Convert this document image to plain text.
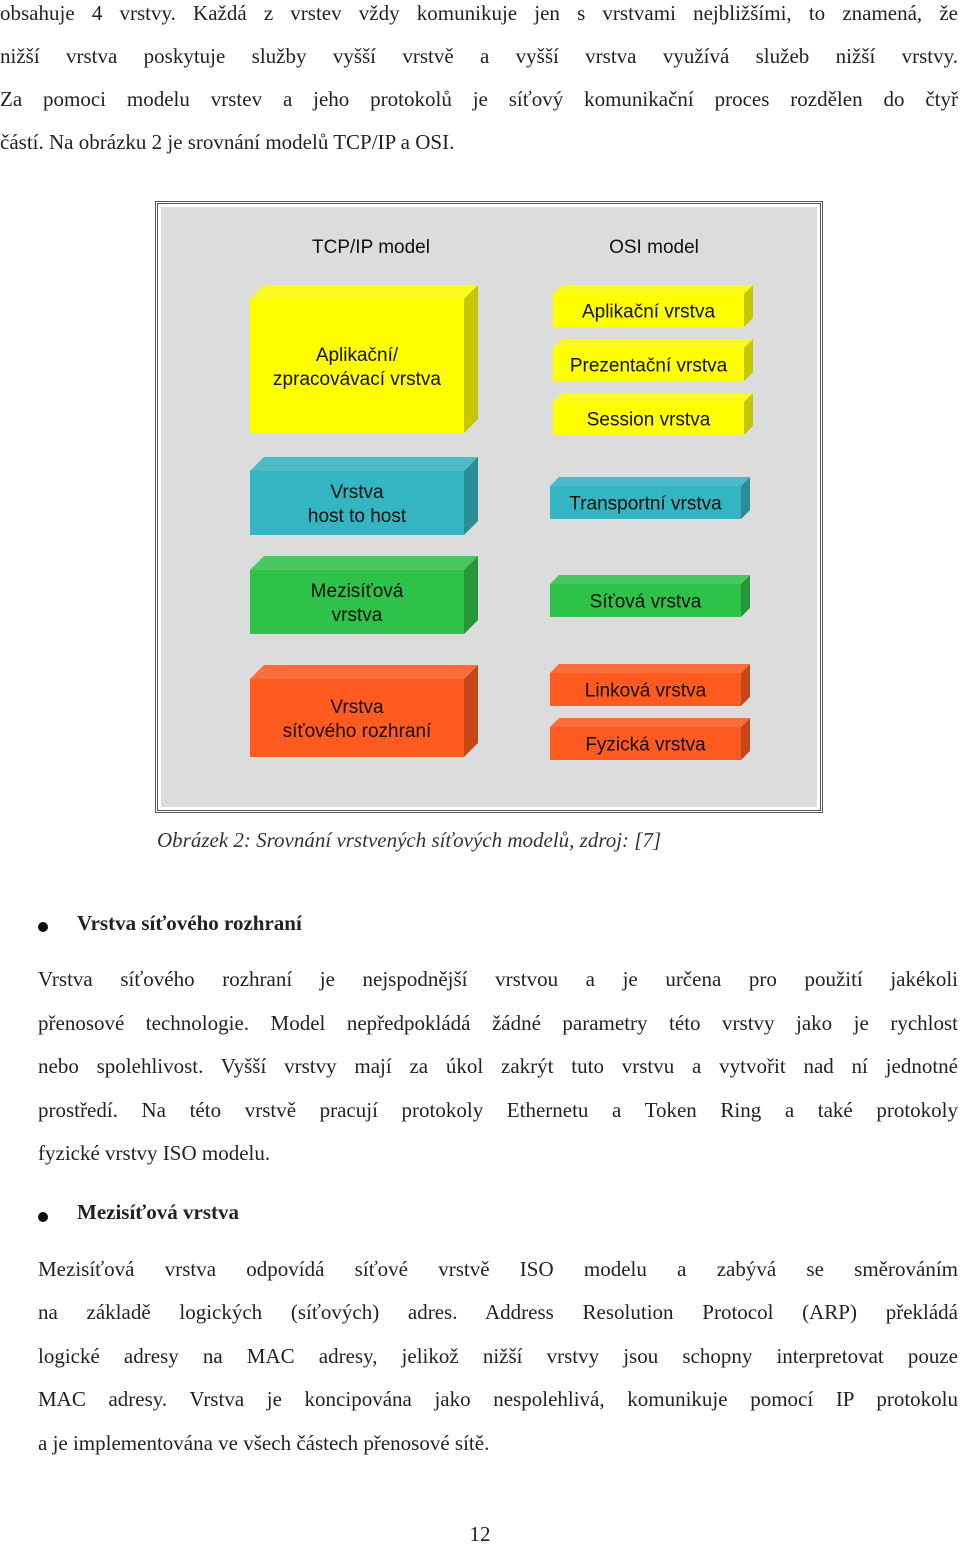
obsahuje 4 vrstvy. Každá z vrstev vždy komunikuje jen s vrstvami nejbližšími, to znamená, že
nižší vrstva poskytuje služby vyšší vrstvě a vyšší vrstva využívá služeb nižší vrstvy.
Za pomoci modelu vrstev a jeho protokolů je síťový komunikační proces rozdělen do čtyř
částí. Na obrázku 2 je srovnání modelů TCP/IP a OSI.
TCP/IP model	OSI model
Aplikační/
zpracovávací vrstva
Vrstva
host to host
Mezisíťová
vrstva
Vrstva
síťového rozhraní
Aplikační vrstva
Prezentační vrstva
Session vrstva
Transportní vrstva
Síťová vrstva
Linková vrstva
Fyzická vrstva
Obrázek 2: Srovnání vrstvených síťových modelů, zdroj: [7]
Vrstva síťového rozhraní
Vrstva síťového rozhraní je nejspodnější vrstvou a je určena pro použití jakékoli
přenosové technologie. Model nepředpokládá žádné parametry této vrstvy jako je rychlost
nebo spolehlivost. Vyšší vrstvy mají za úkol zakrýt tuto vrstvu a vytvořit nad ní jednotné
prostředí. Na této vrstvě pracují protokoly Ethernetu a Token Ring a také protokoly
fyzické vrstvy ISO modelu.
Mezisíťová vrstva
Mezisíťová vrstva odpovídá síťové vrstvě ISO modelu a zabývá se směrováním
na základě logických (síťových) adres. Address Resolution Protocol (ARP) překládá
logické adresy na MAC adresy, jelikož nižší vrstvy jsou schopny interpretovat pouze
MAC adresy. Vrstva je koncipována jako nespolehlivá, komunikuje pomocí IP protokolu
a je implementována ve všech částech přenosové sítě.
12
